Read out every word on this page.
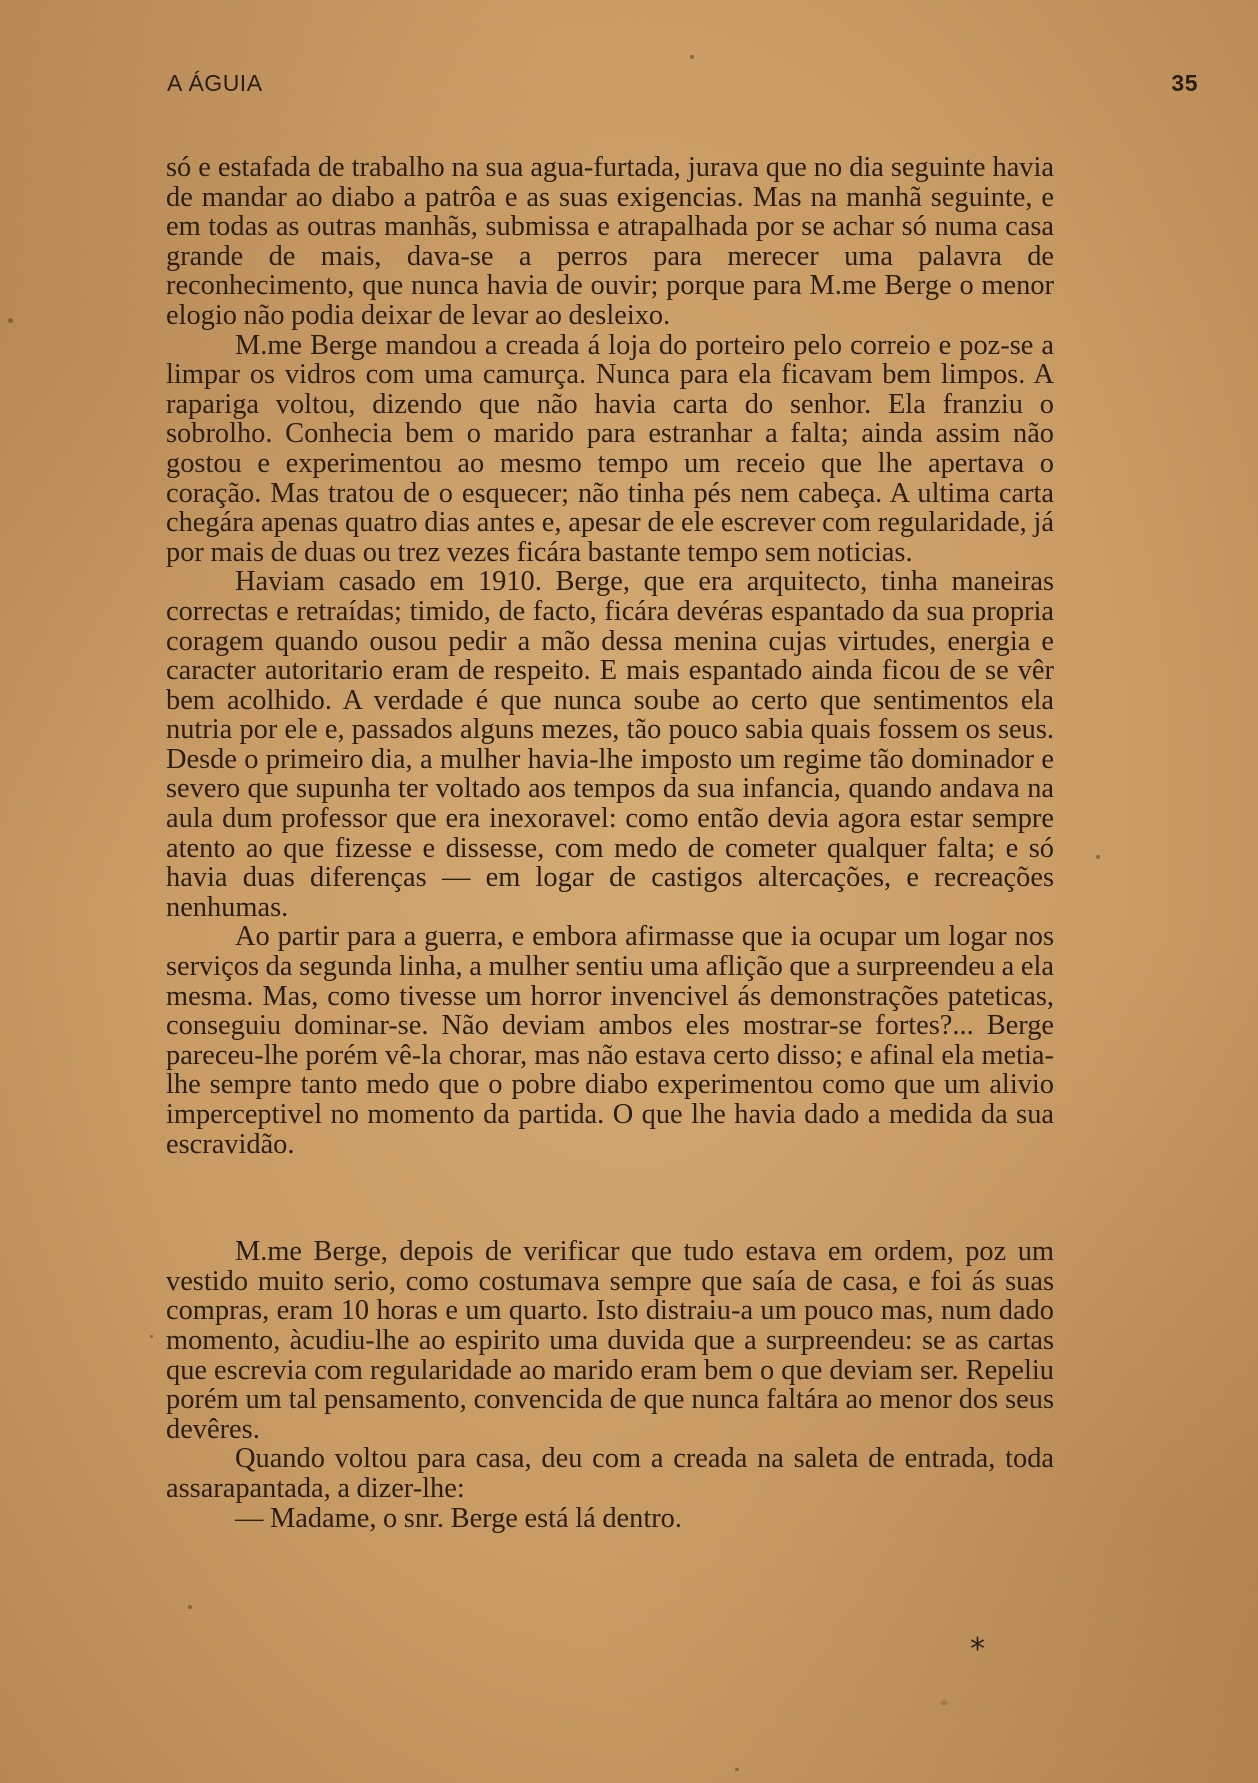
A ÁGUIA	35

só e estafada de trabalho na sua agua-furtada, jurava que no dia seguinte havia de mandar ao diabo a patrôa e as suas exigencias. Mas na manhã seguinte, e em todas as outras manhãs, submissa e atrapalhada por se achar só numa casa grande de mais, dava-se a perros para merecer uma palavra de reconhecimento, que nunca havia de ouvir; porque para M.me Berge o menor elogio não podia deixar de levar ao desleixo.

M.me Berge mandou a creada á loja do porteiro pelo correio e poz-se a limpar os vidros com uma camurça. Nunca para ela ficavam bem limpos. A rapariga voltou, dizendo que não havia carta do senhor. Ela franziu o sobrolho. Conhecia bem o marido para estranhar a falta; ainda assim não gostou e experimentou ao mesmo tempo um receio que lhe apertava o coração. Mas tratou de o esquecer; não tinha pés nem cabeça. A ultima carta chegára apenas quatro dias antes e, apesar de ele escrever com regularidade, já por mais de duas ou trez vezes ficára bastante tempo sem noticias.

Haviam casado em 1910. Berge, que era arquitecto, tinha maneiras correctas e retraídas; timido, de facto, ficára devéras espantado da sua propria coragem quando ousou pedir a mão dessa menina cujas virtudes, energia e caracter autoritario eram de respeito. E mais espantado ainda ficou de se vêr bem acolhido. A verdade é que nunca soube ao certo que sentimentos ela nutria por ele e, passados alguns mezes, tão pouco sabia quais fossem os seus. Desde o primeiro dia, a mulher havia-lhe imposto um regime tão dominador e severo que supunha ter voltado aos tempos da sua infancia, quando andava na aula dum professor que era inexoravel: como então devia agora estar sempre atento ao que fizesse e dissesse, com medo de cometer qualquer falta; e só havia duas diferenças — em logar de castigos altercações, e recreações nenhumas.

Ao partir para a guerra, e embora afirmasse que ia ocupar um logar nos serviços da segunda linha, a mulher sentiu uma aflição que a surpreendeu a ela mesma. Mas, como tivesse um horror invencivel ás demonstrações pateticas, conseguiu dominar-se. Não deviam ambos eles mostrar-se fortes?... Berge pareceu-lhe porém vê-la chorar, mas não estava certo disso; e afinal ela metia-lhe sempre tanto medo que o pobre diabo experimentou como que um alivio imperceptivel no momento da partida. O que lhe havia dado a medida da sua escravidão.

M.me Berge, depois de verificar que tudo estava em ordem, poz um vestido muito serio, como costumava sempre que saía de casa, e foi ás suas compras, eram 10 horas e um quarto. Isto distraiu-a um pouco mas, num dado momento, àcudiu-lhe ao espirito uma duvida que a surpreendeu: se as cartas que escrevia com regularidade ao marido eram bem o que deviam ser. Repeliu porém um tal pensamento, convencida de que nunca faltára ao menor dos seus devêres.

Quando voltou para casa, deu com a creada na saleta de entrada, toda assarapantada, a dizer-lhe:

— Madame, o snr. Berge está lá dentro.

*
